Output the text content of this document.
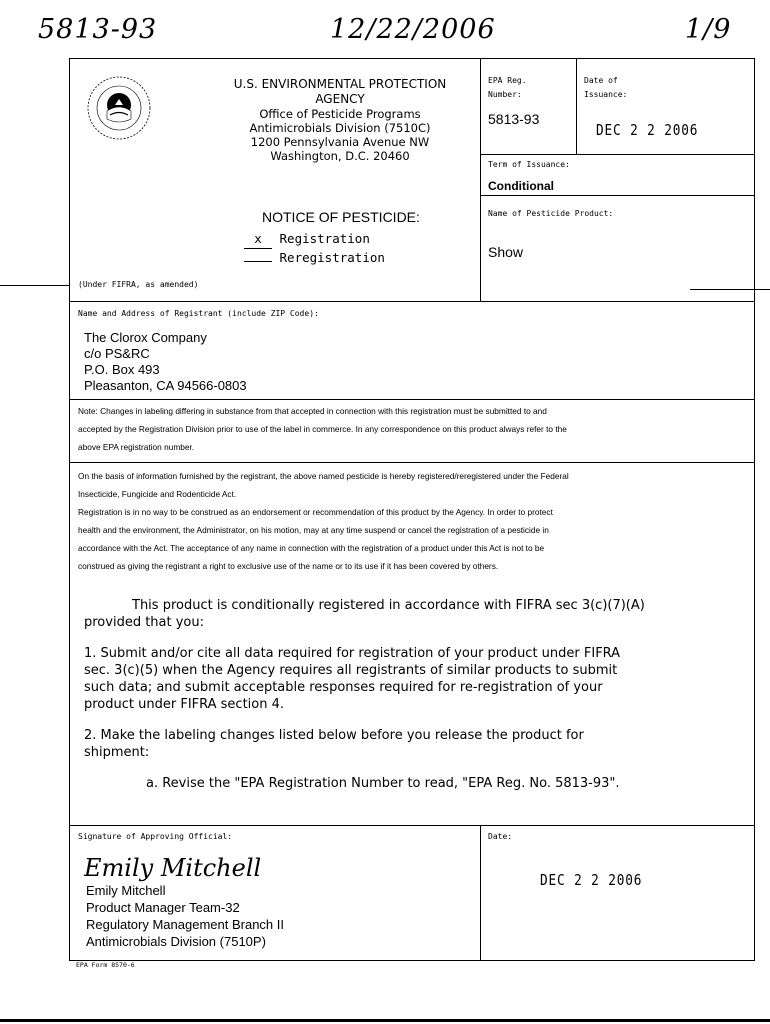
5813-93	12/22/2006	1/9
U.S. ENVIRONMENTAL PROTECTION
AGENCY
Office of Pesticide Programs
Antimicrobials Division (7510C)
1200 Pennsylvania Avenue NW
Washington, D.C. 20460
EPA Reg.
Number:
5813-93
Date of
Issuance:
DEC 2 2 2006
Term of Issuance:
Conditional
Name of Pesticide Product:
Show
NOTICE OF PESTICIDE:
x Registration
Reregistration
(Under FIFRA, as amended)
Name and Address of Registrant (include ZIP Code):
The Clorox Company
c/o PS&RC
P.O. Box 493
Pleasanton, CA 94566-0803
Note: Changes in labeling differing in substance from that accepted in connection with this registration must be submitted to and
accepted by the Registration Division prior to use of the label in commerce. In any correspondence on this product always refer to the
above EPA registration number.
On the basis of information furnished by the registrant, the above named pesticide is hereby registered/reregistered under the Federal
Insecticide, Fungicide and Rodenticide Act.
Registration is in no way to be construed as an endorsement or recommendation of this product by the Agency. In order to protect
health and the environment, the Administrator, on his motion, may at any time suspend or cancel the registration of a pesticide in
accordance with the Act. The acceptance of any name in connection with the registration of a product under this Act is not to be
construed as giving the registrant a right to exclusive use of the name or to its use if it has been covered by others.
This product is conditionally registered in accordance with FIFRA sec 3(c)(7)(A)
provided that you:
1. Submit and/or cite all data required for registration of your product under FIFRA
sec. 3(c)(5) when the Agency requires all registrants of similar products to submit
such data; and submit acceptable responses required for re-registration of your
product under FIFRA section 4.
2. Make the labeling changes listed below before you release the product for
shipment:
a. Revise the "EPA Registration Number to read, "EPA Reg. No. 5813-93".
Signature of Approving Official:
Emily Mitchell
Emily Mitchell
Product Manager Team-32
Regulatory Management Branch II
Antimicrobials Division (7510P)
Date:
DEC 2 2 2006
EPA Form 8570-6
